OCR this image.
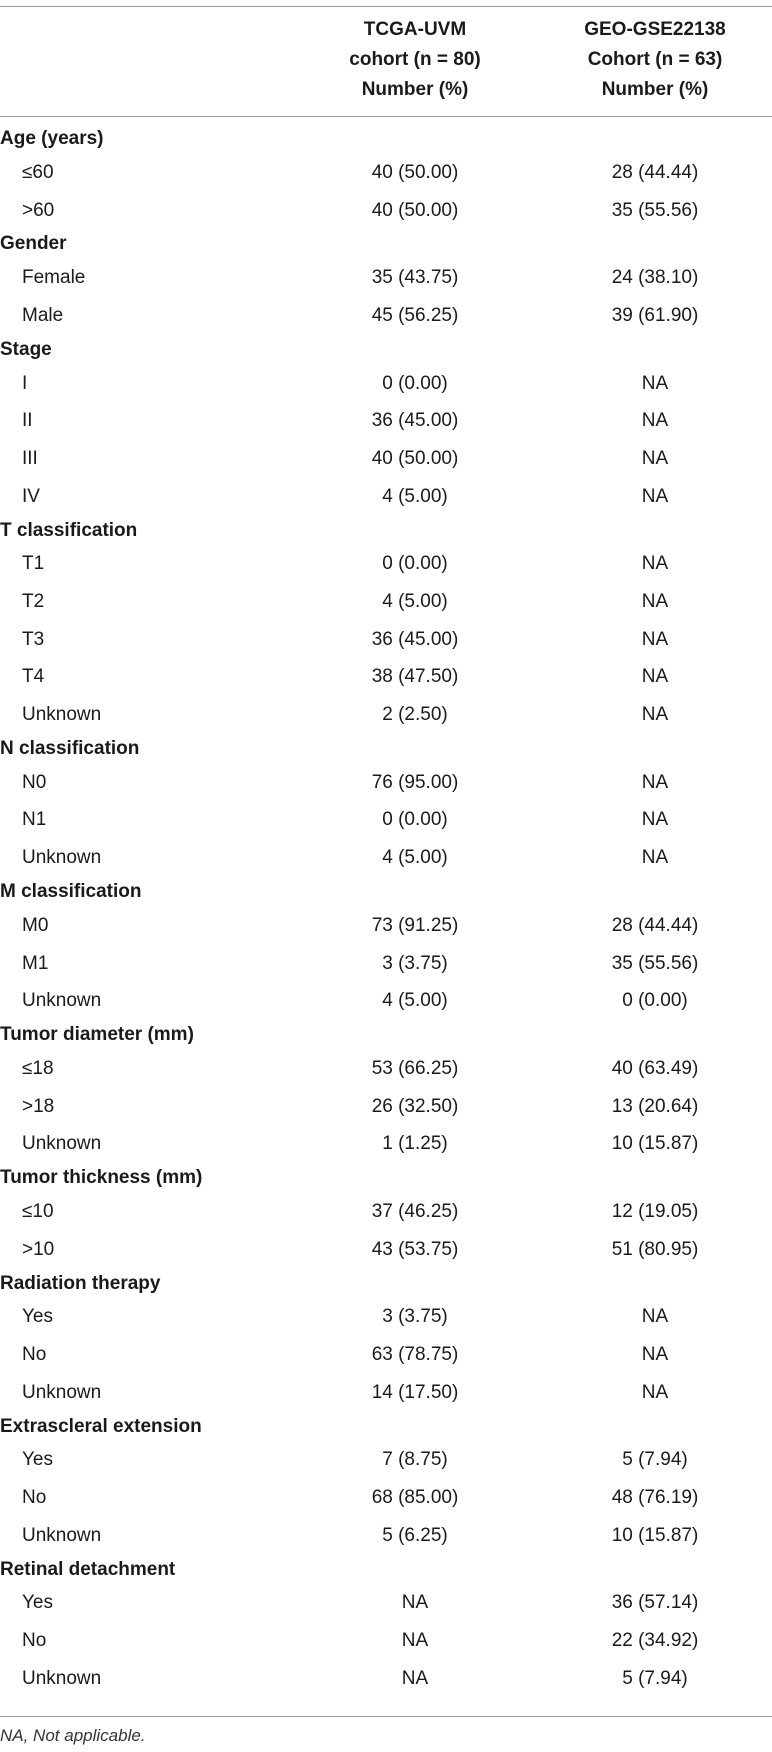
TCGA-UVM
cohort (n = 80)
Number (%)
GEO-GSE22138
Cohort (n = 63)
Number (%)
Age (years)
≤60	40 (50.00)	28 (44.44)
>60	40 (50.00)	35 (55.56)
Gender
Female	35 (43.75)	24 (38.10)
Male	45 (56.25)	39 (61.90)
Stage
I	0 (0.00)	NA
II	36 (45.00)	NA
III	40 (50.00)	NA
IV	4 (5.00)	NA
T classification
T1	0 (0.00)	NA
T2	4 (5.00)	NA
T3	36 (45.00)	NA
T4	38 (47.50)	NA
Unknown	2 (2.50)	NA
N classification
N0	76 (95.00)	NA
N1	0 (0.00)	NA
Unknown	4 (5.00)	NA
M classification
M0	73 (91.25)	28 (44.44)
M1	3 (3.75)	35 (55.56)
Unknown	4 (5.00)	0 (0.00)
Tumor diameter (mm)
≤18	53 (66.25)	40 (63.49)
>18	26 (32.50)	13 (20.64)
Unknown	1 (1.25)	10 (15.87)
Tumor thickness (mm)
≤10	37 (46.25)	12 (19.05)
>10	43 (53.75)	51 (80.95)
Radiation therapy
Yes	3 (3.75)	NA
No	63 (78.75)	NA
Unknown	14 (17.50)	NA
Extrascleral extension
Yes	7 (8.75)	5 (7.94)
No	68 (85.00)	48 (76.19)
Unknown	5 (6.25)	10 (15.87)
Retinal detachment
Yes	NA	36 (57.14)
No	NA	22 (34.92)
Unknown	NA	5 (7.94)
NA, Not applicable.
